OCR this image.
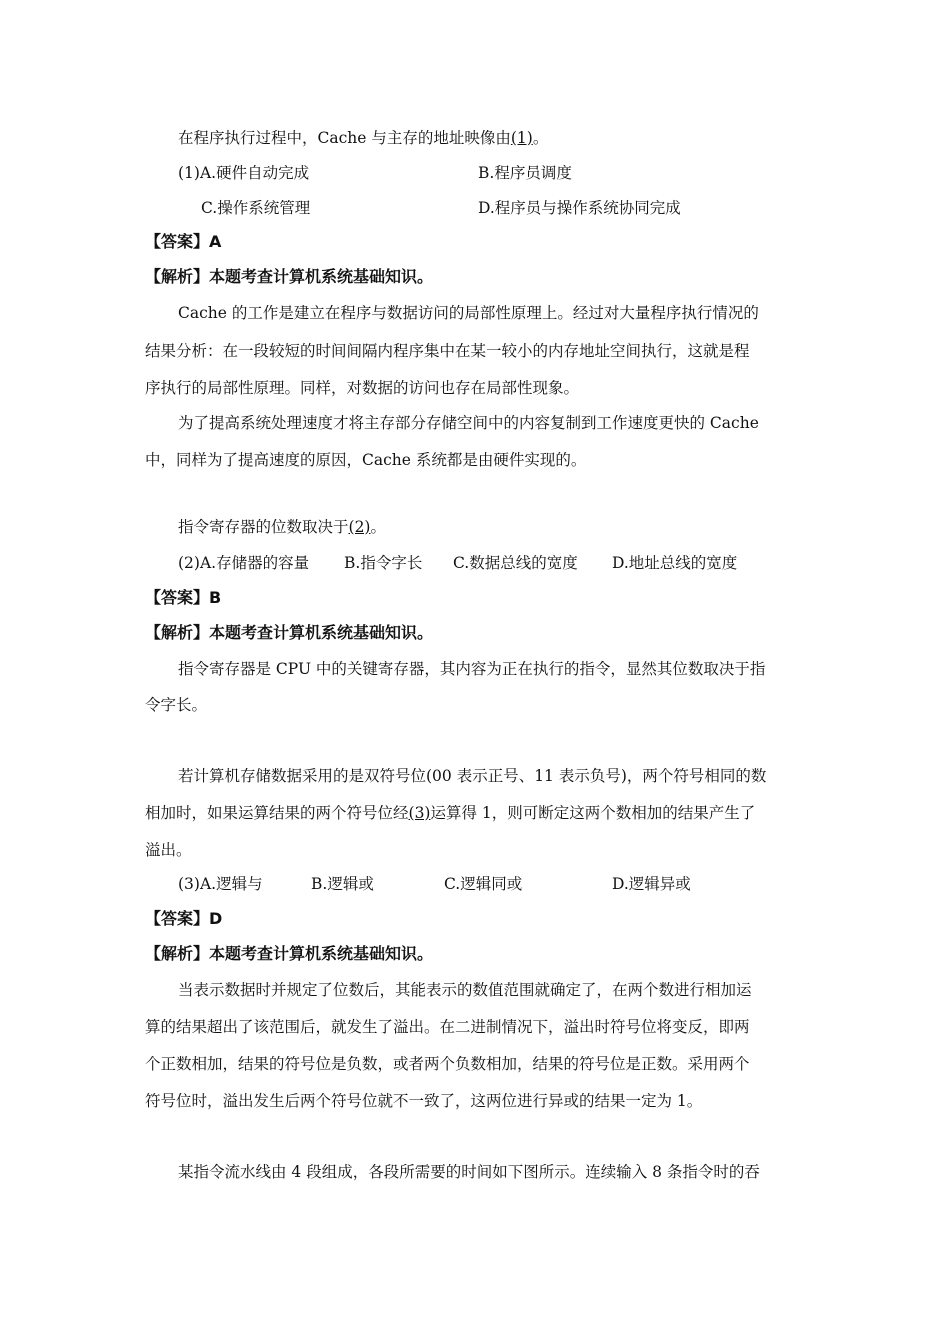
在程序执行过程中，Cache 与主存的地址映像由(1)。
(1)A.硬件自动完成	B.程序员调度
C.操作系统管理	D.程序员与操作系统协同完成
【答案】A
【解析】本题考查计算机系统基础知识。
Cache 的工作是建立在程序与数据访问的局部性原理上。经过对大量程序执行情况的
结果分析：在一段较短的时间间隔内程序集中在某一较小的内存地址空间执行，这就是程
序执行的局部性原理。同样，对数据的访问也存在局部性现象。
为了提高系统处理速度才将主存部分存储空间中的内容复制到工作速度更快的 Cache
中，同样为了提高速度的原因，Cache 系统都是由硬件实现的。
指令寄存器的位数取决于(2)。
(2)A.存储器的容量 B.指令字长 C.数据总线的宽度 D.地址总线的宽度
【答案】B
【解析】本题考查计算机系统基础知识。
指令寄存器是 CPU 中的关键寄存器，其内容为正在执行的指令，显然其位数取决于指
令字长。
若计算机存储数据采用的是双符号位(00 表示正号、11 表示负号)，两个符号相同的数
相加时，如果运算结果的两个符号位经(3)运算得 1，则可断定这两个数相加的结果产生了
溢出。
(3)A.逻辑与	B.逻辑或	C.逻辑同或	D.逻辑异或
【答案】D
【解析】本题考查计算机系统基础知识。
当表示数据时并规定了位数后，其能表示的数值范围就确定了，在两个数进行相加运
算的结果超出了该范围后，就发生了溢出。在二进制情况下，溢出时符号位将变反，即两
个正数相加，结果的符号位是负数，或者两个负数相加，结果的符号位是正数。采用两个
符号位时，溢出发生后两个符号位就不一致了，这两位进行异或的结果一定为 1。
某指令流水线由 4 段组成，各段所需要的时间如下图所示。连续输入 8 条指令时的吞
